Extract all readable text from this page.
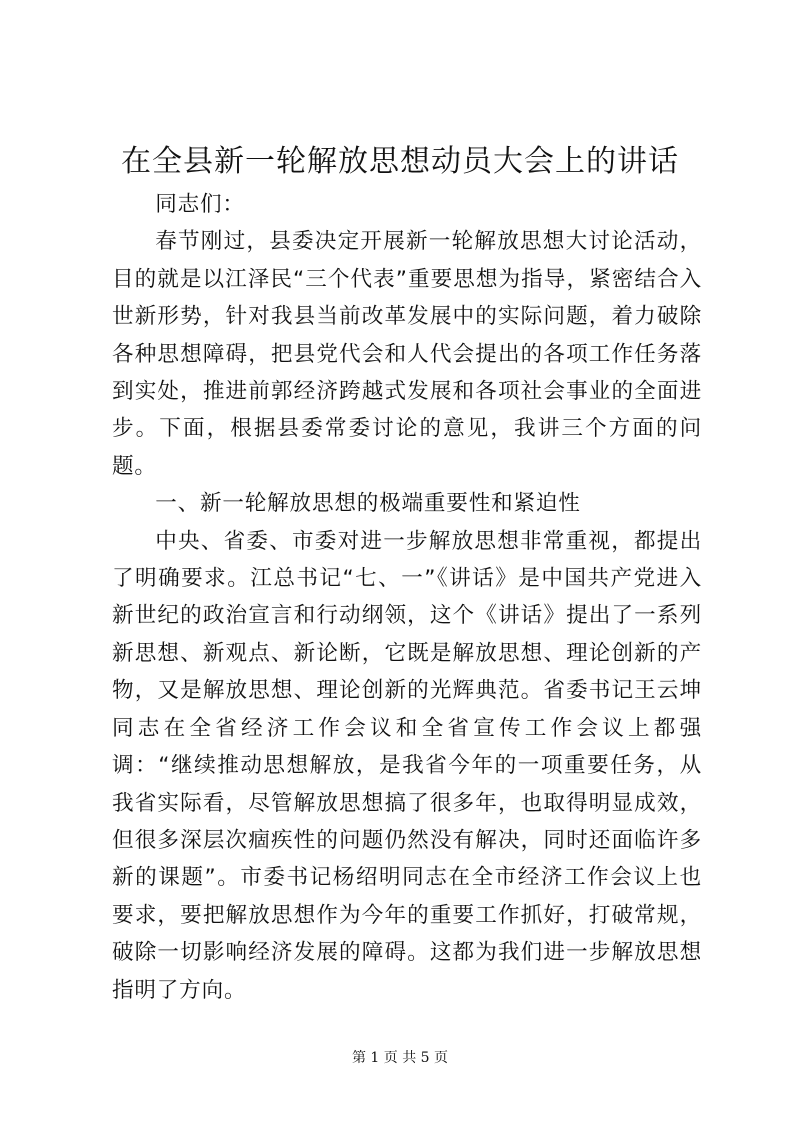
在全县新一轮解放思想动员大会上的讲话

同志们：

春节刚过，县委决定开展新一轮解放思想大讨论活动，目的就是以江泽民“三个代表”重要思想为指导，紧密结合入世新形势，针对我县当前改革发展中的实际问题，着力破除各种思想障碍，把县党代会和人代会提出的各项工作任务落到实处，推进前郭经济跨越式发展和各项社会事业的全面进步。下面，根据县委常委讨论的意见，我讲三个方面的问题。

一、新一轮解放思想的极端重要性和紧迫性

中央、省委、市委对进一步解放思想非常重视，都提出了明确要求。江总书记“七、一”《讲话》是中国共产党进入新世纪的政治宣言和行动纲领，这个《讲话》提出了一系列新思想、新观点、新论断，它既是解放思想、理论创新的产物，又是解放思想、理论创新的光辉典范。省委书记王云坤同志在全省经济工作会议和全省宣传工作会议上都强调：“继续推动思想解放，是我省今年的一项重要任务，从我省实际看，尽管解放思想搞了很多年，也取得明显成效，但很多深层次痼疾性的问题仍然没有解决，同时还面临许多新的课题”。市委书记杨绍明同志在全市经济工作会议上也要求，要把解放思想作为今年的重要工作抓好，打破常规，破除一切影响经济发展的障碍。这都为我们进一步解放思想指明了方向。

第 1 页 共 5 页
